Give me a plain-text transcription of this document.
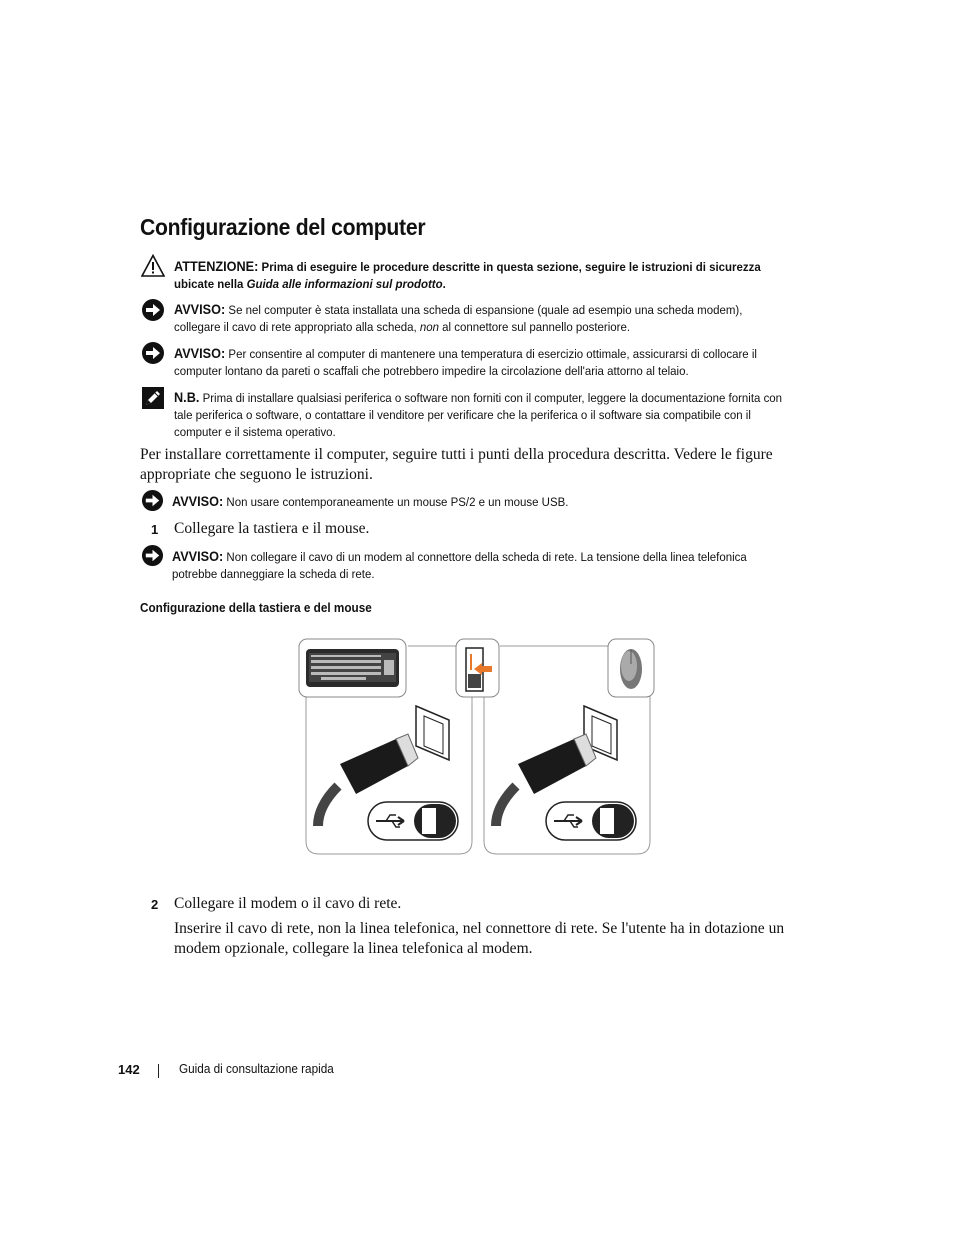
Configurazione del computer
ATTENZIONE: Prima di eseguire le procedure descritte in questa sezione, seguire le istruzioni di sicurezza ubicate nella Guida alle informazioni sul prodotto.
AVVISO: Se nel computer è stata installata una scheda di espansione (quale ad esempio una scheda modem), collegare il cavo di rete appropriato alla scheda, non al connettore sul pannello posteriore.
AVVISO: Per consentire al computer di mantenere una temperatura di esercizio ottimale, assicurarsi di collocare il computer lontano da pareti o scaffali che potrebbero impedire la circolazione dell'aria attorno al telaio.
N.B. Prima di installare qualsiasi periferica o software non forniti con il computer, leggere la documentazione fornita con tale periferica o software, o contattare il venditore per verificare che la periferica o il software sia compatibile con il computer e il sistema operativo.
Per installare correttamente il computer, seguire tutti i punti della procedura descritta. Vedere le figure appropriate che seguono le istruzioni.
AVVISO: Non usare contemporaneamente un mouse PS/2 e un mouse USB.
1 Collegare la tastiera e il mouse.
AVVISO: Non collegare il cavo di un modem al connettore della scheda di rete. La tensione della linea telefonica potrebbe danneggiare la scheda di rete.
Configurazione della tastiera e del mouse
2 Collegare il modem o il cavo di rete.
Inserire il cavo di rete, non la linea telefonica, nel connettore di rete. Se l'utente ha in dotazione un modem opzionale, collegare la linea telefonica al modem.
142	Guida di consultazione rapida
